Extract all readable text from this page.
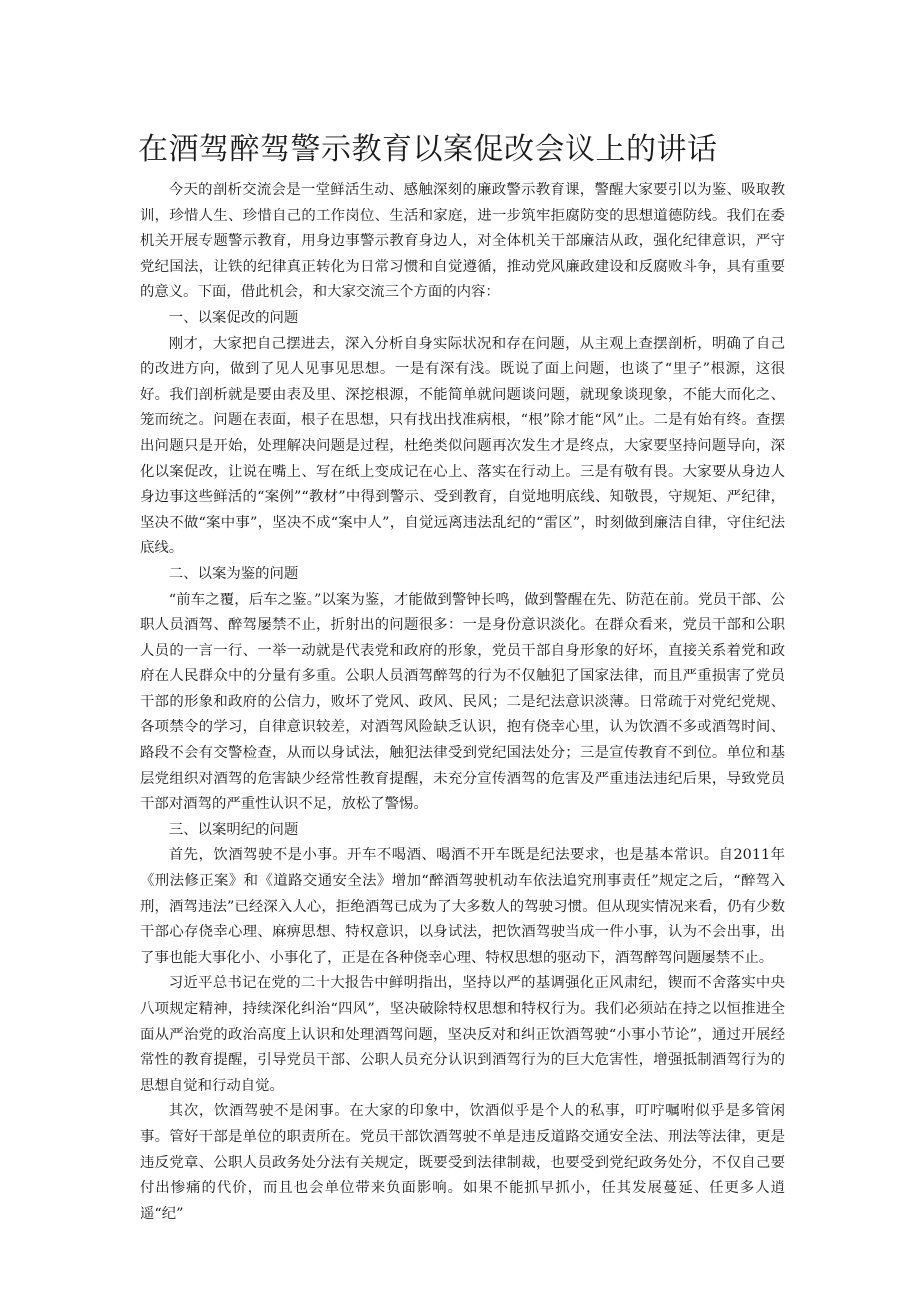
在酒驾醉驾警示教育以案促改会议上的讲话

今天的剖析交流会是一堂鲜活生动、感触深刻的廉政警示教育课，警醒大家要引以为鉴、吸取教训，珍惜人生、珍惜自己的工作岗位、生活和家庭，进一步筑牢拒腐防变的思想道德防线。我们在委机关开展专题警示教育，用身边事警示教育身边人，对全体机关干部廉洁从政，强化纪律意识，严守党纪国法，让铁的纪律真正转化为日常习惯和自觉遵循，推动党风廉政建设和反腐败斗争，具有重要的意义。下面，借此机会，和大家交流三个方面的内容：

一、以案促改的问题

刚才，大家把自己摆进去，深入分析自身实际状况和存在问题，从主观上查摆剖析，明确了自己的改进方向，做到了见人见事见思想。一是有深有浅。既说了面上问题，也谈了“里子”根源，这很好。我们剖析就是要由表及里、深挖根源，不能简单就问题谈问题，就现象谈现象，不能大而化之、笼而统之。问题在表面，根子在思想，只有找出找准病根，“根”除才能“风”止。二是有始有终。查摆出问题只是开始，处理解决问题是过程，杜绝类似问题再次发生才是终点，大家要坚持问题导向，深化以案促改，让说在嘴上、写在纸上变成记在心上、落实在行动上。三是有敬有畏。大家要从身边人身边事这些鲜活的“案例”“教材”中得到警示、受到教育，自觉地明底线、知敬畏，守规矩、严纪律，坚决不做“案中事”，坚决不成“案中人”，自觉远离违法乱纪的“雷区”，时刻做到廉洁自律，守住纪法底线。

二、以案为鉴的问题

“前车之覆，后车之鉴。”以案为鉴，才能做到警钟长鸣，做到警醒在先、防范在前。党员干部、公职人员酒驾、醉驾屡禁不止，折射出的问题很多：一是身份意识淡化。在群众看来，党员干部和公职人员的一言一行、一举一动就是代表党和政府的形象，党员干部自身形象的好坏，直接关系着党和政府在人民群众中的分量有多重。公职人员酒驾醉驾的行为不仅触犯了国家法律，而且严重损害了党员干部的形象和政府的公信力，败坏了党风、政风、民风；二是纪法意识淡薄。日常疏于对党纪党规、各项禁令的学习，自律意识较差，对酒驾风险缺乏认识，抱有侥幸心里，认为饮酒不多或酒驾时间、路段不会有交警检查，从而以身试法，触犯法律受到党纪国法处分；三是宣传教育不到位。单位和基层党组织对酒驾的危害缺少经常性教育提醒，未充分宣传酒驾的危害及严重违法违纪后果，导致党员干部对酒驾的严重性认识不足，放松了警惕。

三、以案明纪的问题

首先，饮酒驾驶不是小事。开车不喝酒、喝酒不开车既是纪法要求，也是基本常识。自2011年《刑法修正案》和《道路交通安全法》增加“醉酒驾驶机动车依法追究刑事责任”规定之后，“醉驾入刑，酒驾违法”已经深入人心，拒绝酒驾已成为了大多数人的驾驶习惯。但从现实情况来看，仍有少数干部心存侥幸心理、麻痹思想、特权意识，以身试法，把饮酒驾驶当成一件小事，认为不会出事，出了事也能大事化小、小事化了，正是在各种侥幸心理、特权思想的驱动下，酒驾醉驾问题屡禁不止。

习近平总书记在党的二十大报告中鲜明指出，坚持以严的基调强化正风肃纪，锲而不舍落实中央八项规定精神，持续深化纠治“四风”，坚决破除特权思想和特权行为。我们必须站在持之以恒推进全面从严治党的政治高度上认识和处理酒驾问题，坚决反对和纠正饮酒驾驶“小事小节论”，通过开展经常性的教育提醒，引导党员干部、公职人员充分认识到酒驾行为的巨大危害性，增强抵制酒驾行为的思想自觉和行动自觉。

其次，饮酒驾驶不是闲事。在大家的印象中，饮酒似乎是个人的私事，叮咛嘱咐似乎是多管闲事。管好干部是单位的职责所在。党员干部饮酒驾驶不单是违反道路交通安全法、刑法等法律，更是违反党章、公职人员政务处分法有关规定，既要受到法律制裁，也要受到党纪政务处分，不仅自己要付出惨痛的代价，而且也会单位带来负面影响。如果不能抓早抓小，任其发展蔓延、任更多人逍遥“纪”
